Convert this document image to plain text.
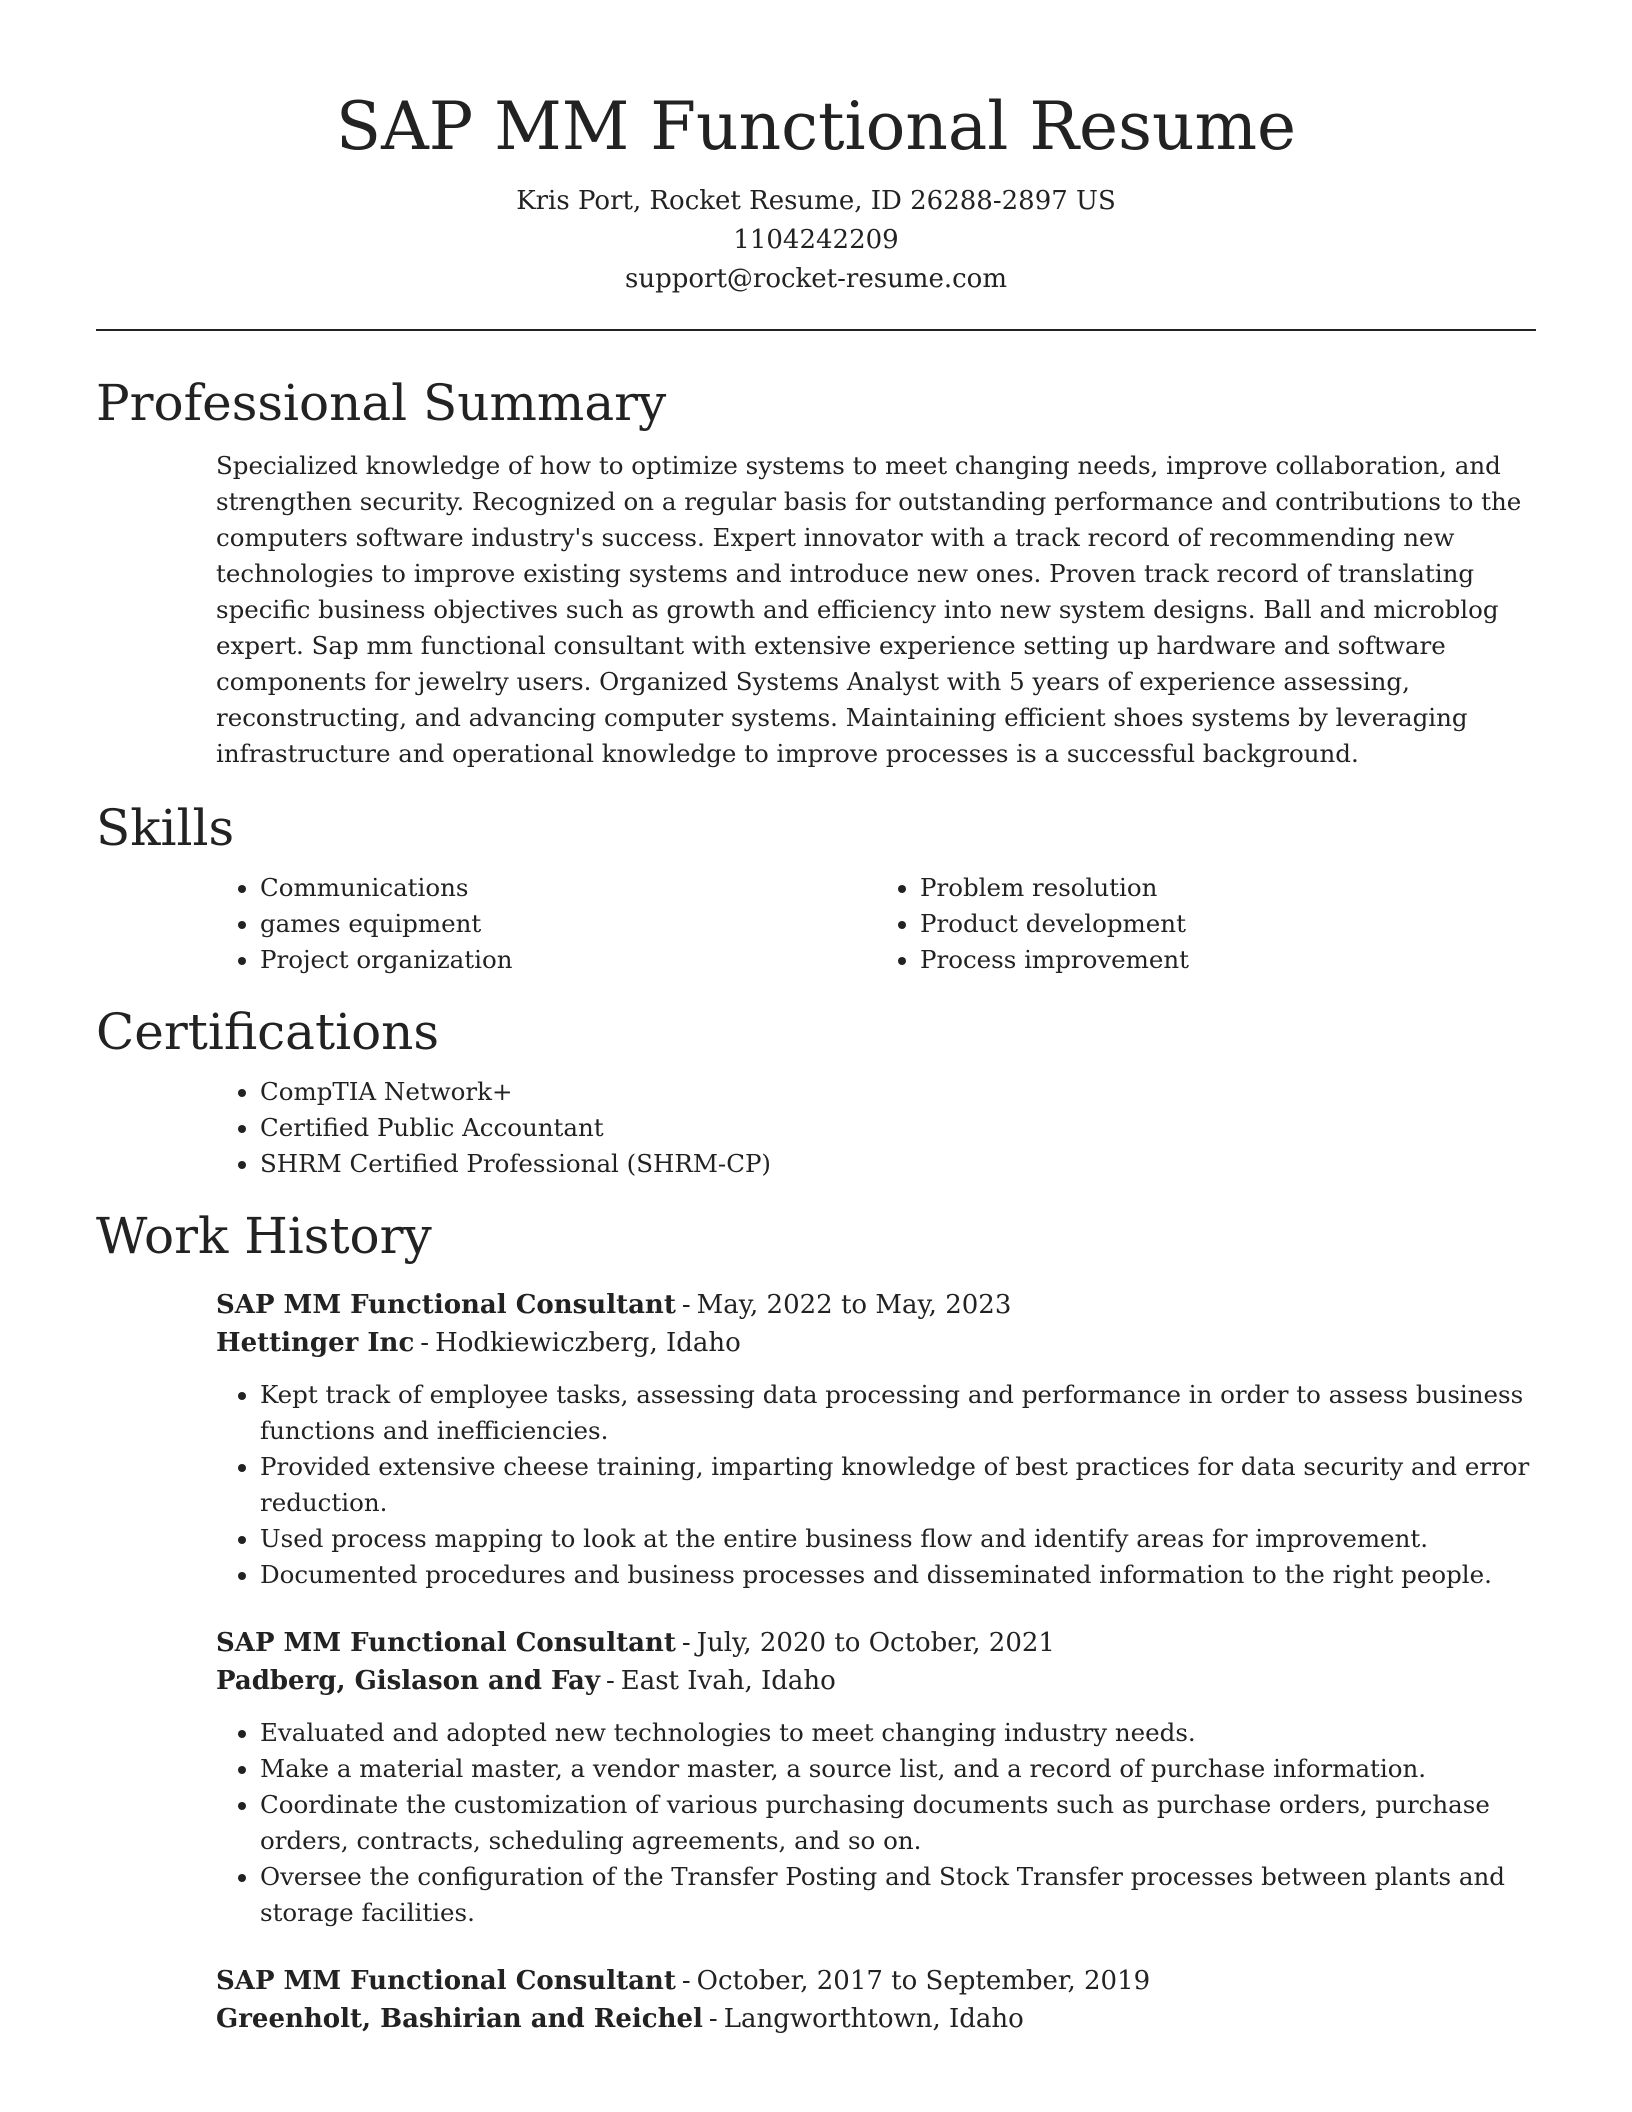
SAP MM Functional Resume
Kris Port, Rocket Resume, ID 26288-2897 US
1104242209
support@rocket-resume.com
Professional Summary

Specialized knowledge of how to optimize systems to meet changing needs, improve collaboration, and strengthen security. Recognized on a regular basis for outstanding performance and contributions to the computers software industry's success. Expert innovator with a track record of recommending new technologies to improve existing systems and introduce new ones. Proven track record of translating specific business objectives such as growth and efficiency into new system designs. Ball and microblog expert. Sap mm functional consultant with extensive experience setting up hardware and software components for jewelry users. Organized Systems Analyst with 5 years of experience assessing, reconstructing, and advancing computer systems. Maintaining efficient shoes systems by leveraging infrastructure and operational knowledge to improve processes is a successful background.

Skills
• Communications
• games equipment
• Project organization
• Problem resolution
• Product development
• Process improvement
Certifications
• CompTIA Network+
• Certified Public Accountant
• SHRM Certified Professional (SHRM-CP)
Work History
SAP MM Functional Consultant - May, 2022 to May, 2023
Hettinger Inc - Hodkiewiczberg, Idaho
• Kept track of employee tasks, assessing data processing and performance in order to assess business functions and inefficiencies.
• Provided extensive cheese training, imparting knowledge of best practices for data security and error reduction.
• Used process mapping to look at the entire business flow and identify areas for improvement.
• Documented procedures and business processes and disseminated information to the right people.
SAP MM Functional Consultant - July, 2020 to October, 2021
Padberg, Gislason and Fay - East Ivah, Idaho
• Evaluated and adopted new technologies to meet changing industry needs.
• Make a material master, a vendor master, a source list, and a record of purchase information.
• Coordinate the customization of various purchasing documents such as purchase orders, purchase orders, contracts, scheduling agreements, and so on.
• Oversee the configuration of the Transfer Posting and Stock Transfer processes between plants and storage facilities.
SAP MM Functional Consultant - October, 2017 to September, 2019
Greenholt, Bashirian and Reichel - Langworthtown, Idaho
